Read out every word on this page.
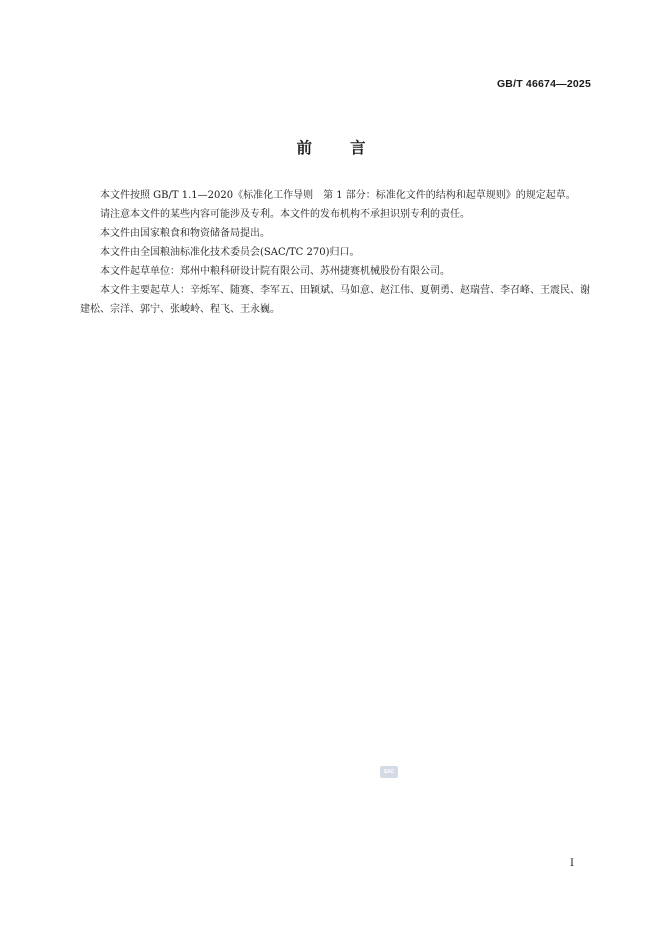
GB/T 46674—2025
前 言

本文件按照 GB/T 1.1—2020《标准化工作导则　第 1 部分：标准化文件的结构和起草规则》的规定起草。

请注意本文件的某些内容可能涉及专利。本文件的发布机构不承担识别专利的责任。

本文件由国家粮食和物资储备局提出。

本文件由全国粮油标准化技术委员会(SAC/TC 270)归口。

本文件起草单位：郑州中粮科研设计院有限公司、苏州捷赛机械股份有限公司。

本文件主要起草人：辛烁军、随赛、李军五、田颖斌、马如意、赵江伟、夏朝勇、赵瑞营、李召峰、王震民、谢建松、宗洋、郭宁、张峻岭、程飞、王永巍。

SAC
I
